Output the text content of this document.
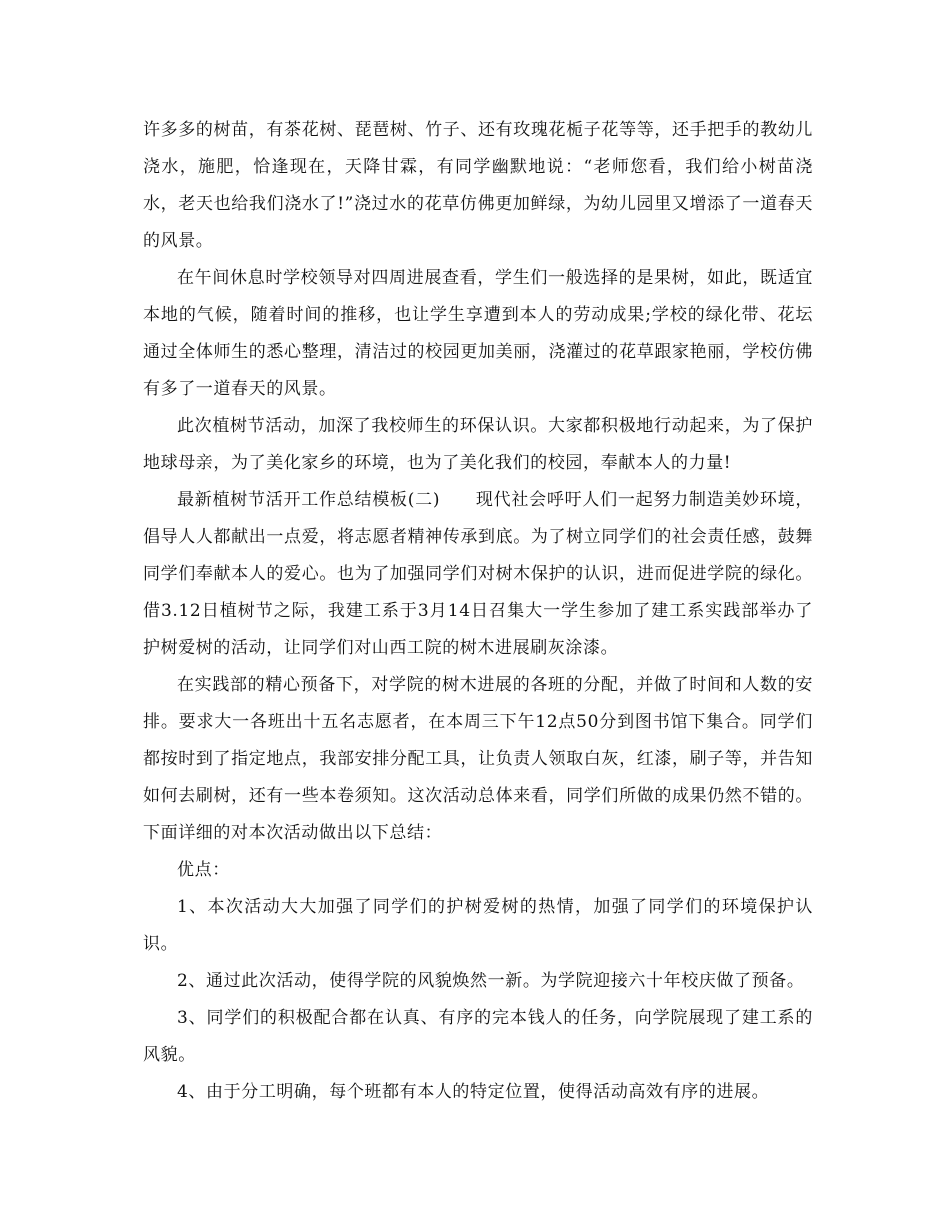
许多多的树苗，有茶花树、琵琶树、竹子、还有玫瑰花栀子花等等，还手把手的教幼儿浇水，施肥，恰逢现在，天降甘霖，有同学幽默地说：“老师您看，我们给小树苗浇水，老天也给我们浇水了!”浇过水的花草仿佛更加鲜绿，为幼儿园里又增添了一道春天的风景。

在午间休息时学校领导对四周进展查看，学生们一般选择的是果树，如此，既适宜本地的气候，随着时间的推移，也让学生享遭到本人的劳动成果;学校的绿化带、花坛通过全体师生的悉心整理，清洁过的校园更加美丽，浇灌过的花草跟家艳丽，学校仿佛有多了一道春天的风景。

此次植树节活动，加深了我校师生的环保认识。大家都积极地行动起来，为了保护地球母亲，为了美化家乡的环境，也为了美化我们的校园，奉献本人的力量!

最新植树节活开工作总结模板(二)　　现代社会呼吁人们一起努力制造美妙环境，倡导人人都献出一点爱，将志愿者精神传承到底。为了树立同学们的社会责任感，鼓舞同学们奉献本人的爱心。也为了加强同学们对树木保护的认识，进而促进学院的绿化。借3.12日植树节之际，我建工系于3月14日召集大一学生参加了建工系实践部举办了护树爱树的活动，让同学们对山西工院的树木进展刷灰涂漆。

在实践部的精心预备下，对学院的树木进展的各班的分配，并做了时间和人数的安排。要求大一各班出十五名志愿者，在本周三下午12点50分到图书馆下集合。同学们都按时到了指定地点，我部安排分配工具，让负责人领取白灰，红漆，刷子等，并告知如何去刷树，还有一些本卷须知。这次活动总体来看，同学们所做的成果仍然不错的。下面详细的对本次活动做出以下总结：

优点：

1、本次活动大大加强了同学们的护树爱树的热情，加强了同学们的环境保护认识。

2、通过此次活动，使得学院的风貌焕然一新。为学院迎接六十年校庆做了预备。

3、同学们的积极配合都在认真、有序的完本钱人的任务，向学院展现了建工系的风貌。

4、由于分工明确，每个班都有本人的特定位置，使得活动高效有序的进展。
